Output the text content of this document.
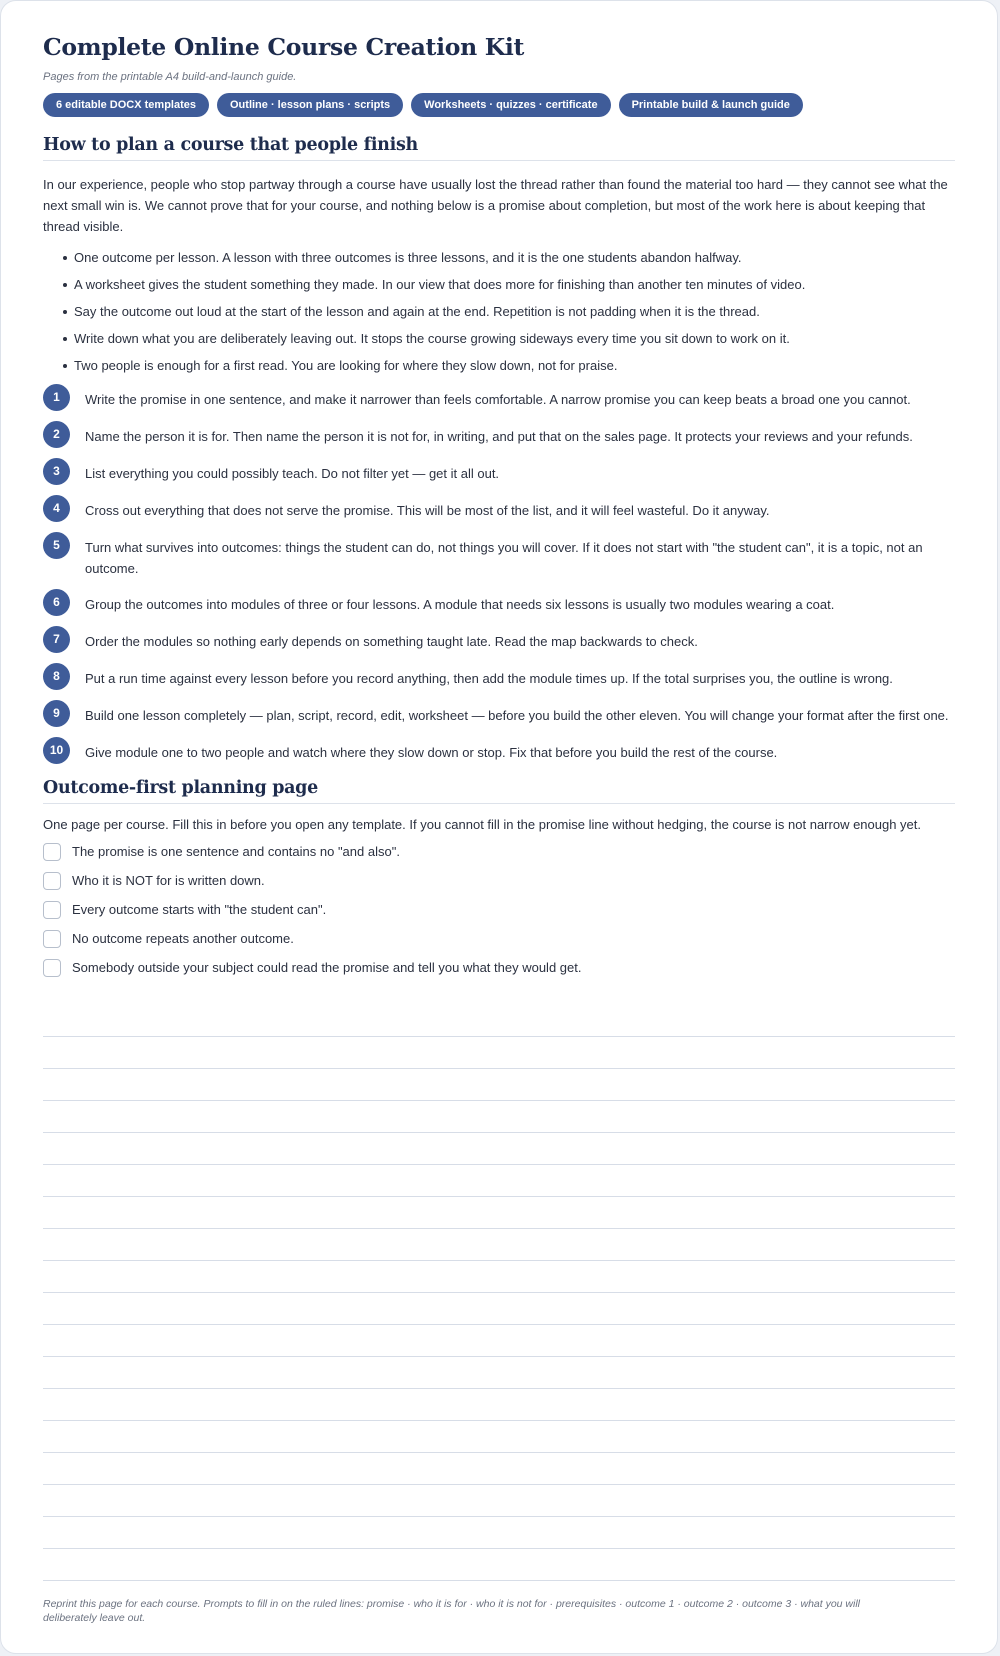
Complete Online Course Creation Kit

Pages from the printable A4 build-and-launch guide.

6 editable DOCX templates	Outline · lesson plans · scripts	Worksheets · quizzes · certificate	Printable build & launch guide
How to plan a course that people finish

In our experience, people who stop partway through a course have usually lost the thread rather than found the material too hard — they cannot see what the next small win is. We cannot prove that for your course, and nothing below is a promise about completion, but most of the work here is about keeping that thread visible.

One outcome per lesson. A lesson with three outcomes is three lessons, and it is the one students abandon halfway.
A worksheet gives the student something they made. In our view that does more for finishing than another ten minutes of video.
Say the outcome out loud at the start of the lesson and again at the end. Repetition is not padding when it is the thread.
Write down what you are deliberately leaving out. It stops the course growing sideways every time you sit down to work on it.
Two people is enough for a first read. You are looking for where they slow down, not for praise.
1	Write the promise in one sentence, and make it narrower than feels comfortable. A narrow promise you can keep beats a broad one you cannot.
2	Name the person it is for. Then name the person it is not for, in writing, and put that on the sales page. It protects your reviews and your refunds.
3	List everything you could possibly teach. Do not filter yet — get it all out.
4	Cross out everything that does not serve the promise. This will be most of the list, and it will feel wasteful. Do it anyway.
5	Turn what survives into outcomes: things the student can do, not things you will cover. If it does not start with "the student can", it is a topic, not an outcome.
6	Group the outcomes into modules of three or four lessons. A module that needs six lessons is usually two modules wearing a coat.
7	Order the modules so nothing early depends on something taught late. Read the map backwards to check.
8	Put a run time against every lesson before you record anything, then add the module times up. If the total surprises you, the outline is wrong.
9	Build one lesson completely — plan, script, record, edit, worksheet — before you build the other eleven. You will change your format after the first one.
10	Give module one to two people and watch where they slow down or stop. Fix that before you build the rest of the course.
Outcome-first planning page

One page per course. Fill this in before you open any template. If you cannot fill in the promise line without hedging, the course is not narrow enough yet.

The promise is one sentence and contains no "and also".
Who it is NOT for is written down.
Every outcome starts with "the student can".
No outcome repeats another outcome.
Somebody outside your subject could read the promise and tell you what they would get.

Reprint this page for each course. Prompts to fill in on the ruled lines: promise · who it is for · who it is not for · prerequisites · outcome 1 · outcome 2 · outcome 3 · what you will deliberately leave out.
